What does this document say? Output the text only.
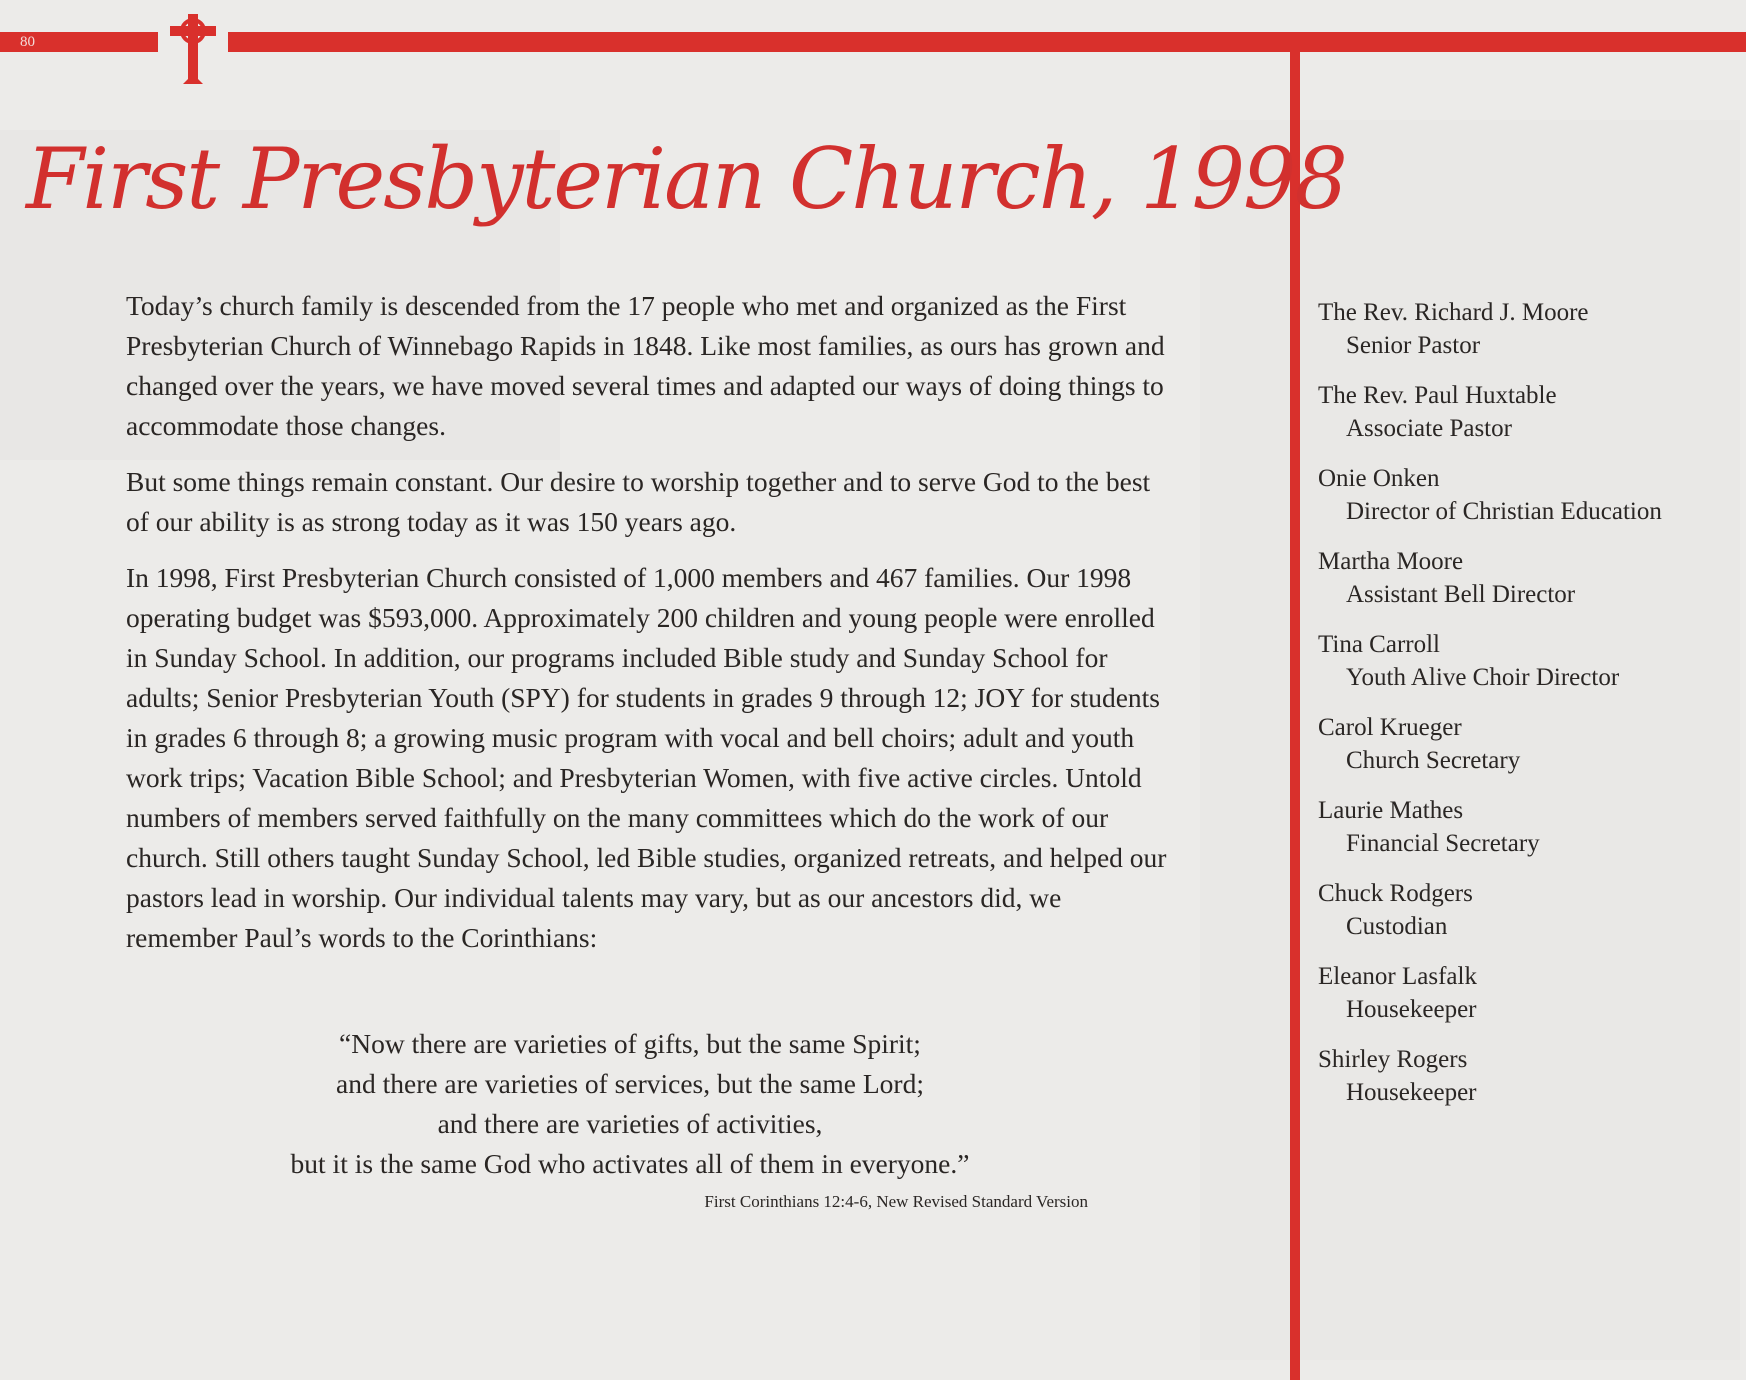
80
First Presbyterian Church, 1998

Today’s church family is descended from the 17 people who met and organized as the First Presbyterian Church of Winnebago Rapids in 1848. Like most families, as ours has grown and changed over the years, we have moved several times and adapted our ways of doing things to accommodate those changes.

But some things remain constant. Our desire to worship together and to serve God to the best of our ability is as strong today as it was 150 years ago.

In 1998, First Presbyterian Church consisted of 1,000 members and 467 families. Our 1998 operating budget was $593,000. Approximately 200 children and young people were enrolled in Sunday School. In addition, our programs included Bible study and Sunday School for adults; Senior Presbyterian Youth (SPY) for students in grades 9 through 12; JOY for students in grades 6 through 8; a growing music program with vocal and bell choirs; adult and youth work trips; Vacation Bible School; and Presbyterian Women, with five active circles. Untold numbers of members served faithfully on the many committees which do the work of our church. Still others taught Sunday School, led Bible studies, organized retreats, and helped our pastors lead in worship. Our individual talents may vary, but as our ancestors did, we remember Paul’s words to the Corinthians:

“Now there are varieties of gifts, but the same Spirit;
and there are varieties of services, but the same Lord;
and there are varieties of activities,
but it is the same God who activates all of them in everyone.”
First Corinthians 12:4-6, New Revised Standard Version
The Rev. Richard J. Moore
Senior Pastor
The Rev. Paul Huxtable
Associate Pastor
Onie Onken
Director of Christian Education
Martha Moore
Assistant Bell Director
Tina Carroll
Youth Alive Choir Director
Carol Krueger
Church Secretary
Laurie Mathes
Financial Secretary
Chuck Rodgers
Custodian
Eleanor Lasfalk
Housekeeper
Shirley Rogers
Housekeeper
